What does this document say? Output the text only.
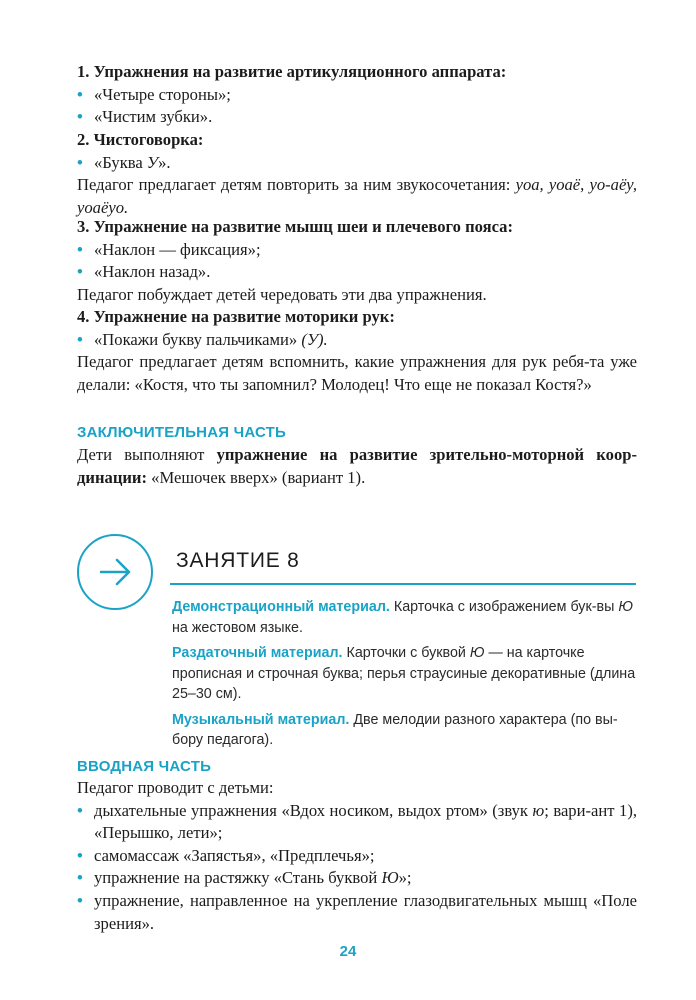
1. Упражнения на развитие артикуляционного аппарата:
• «Четыре стороны»;
• «Чистим зубки».
2. Чистоговорка:
• «Буква У».
Педагог предлагает детям повторить за ним звукосочетания: уоа, уоаё, уо-аёу, уоаёуо.
3. Упражнение на развитие мышц шеи и плечевого пояса:
• «Наклон — фиксация»;
• «Наклон назад».
Педагог побуждает детей чередовать эти два упражнения.
4. Упражнение на развитие моторики рук:
• «Покажи букву пальчиками» (У).
Педагог предлагает детям вспомнить, какие упражнения для рук ребя-та уже делали: «Костя, что ты запомнил? Молодец! Что еще не показал Костя?»
ЗАКЛЮЧИТЕЛЬНАЯ ЧАСТЬ
Дети выполняют упражнение на развитие зрительно-моторной коор-динации: «Мешочек вверх» (вариант 1).
ЗАНЯТИЕ 8

Демонстрационный материал. Карточка с изображением бук-вы Ю на жестовом языке.

Раздаточный материал. Карточки с буквой Ю — на карточке прописная и строчная буква; перья страусиные декоративные (длина 25–30 см).

Музыкальный материал. Две мелодии разного характера (по вы-бору педагога).

ВВОДНАЯ ЧАСТЬ
Педагог проводит с детьми:
• дыхательные упражнения «Вдох носиком, выдох ртом» (звук ю; вари-ант 1), «Перышко, лети»;
• самомассаж «Запястья», «Предплечья»;
• упражнение на растяжку «Стань буквой Ю»;
• упражнение, направленное на укрепление глазодвигательных мышц «Поле зрения».
24
